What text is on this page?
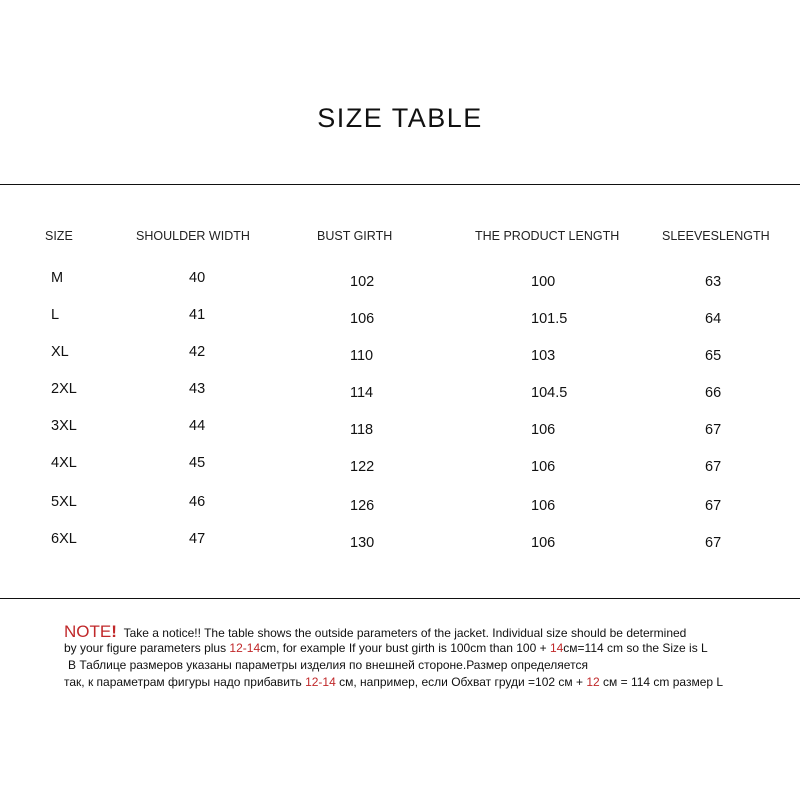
SIZE TABLE
SIZE	SHOULDER WIDTH	BUST GIRTH	THE PRODUCT LENGTH	SLEEVESLENGTH
M	40	102	100	63
L	41	106	101.5	64
XL	42	110	103	65
2XL	43	114	104.5	66
3XL	44	118	106	67
4XL	45	122	106	67
5XL	46	126	106	67
6XL	47	130	106	67
NOTE! Take a notice!! The table shows the outside parameters of the jacket. Individual size should be determined
by your figure parameters plus 12-14cm, for example If your bust girth is 100cm than 100 + 14см=114 cm so the Size is L
В Таблице размеров указаны параметры изделия по внешней стороне.Размер определяется
так, к параметрам фигуры надо прибавить 12-14 см, например, если Обхват груди =102 см + 12 см = 114 cm размер L
